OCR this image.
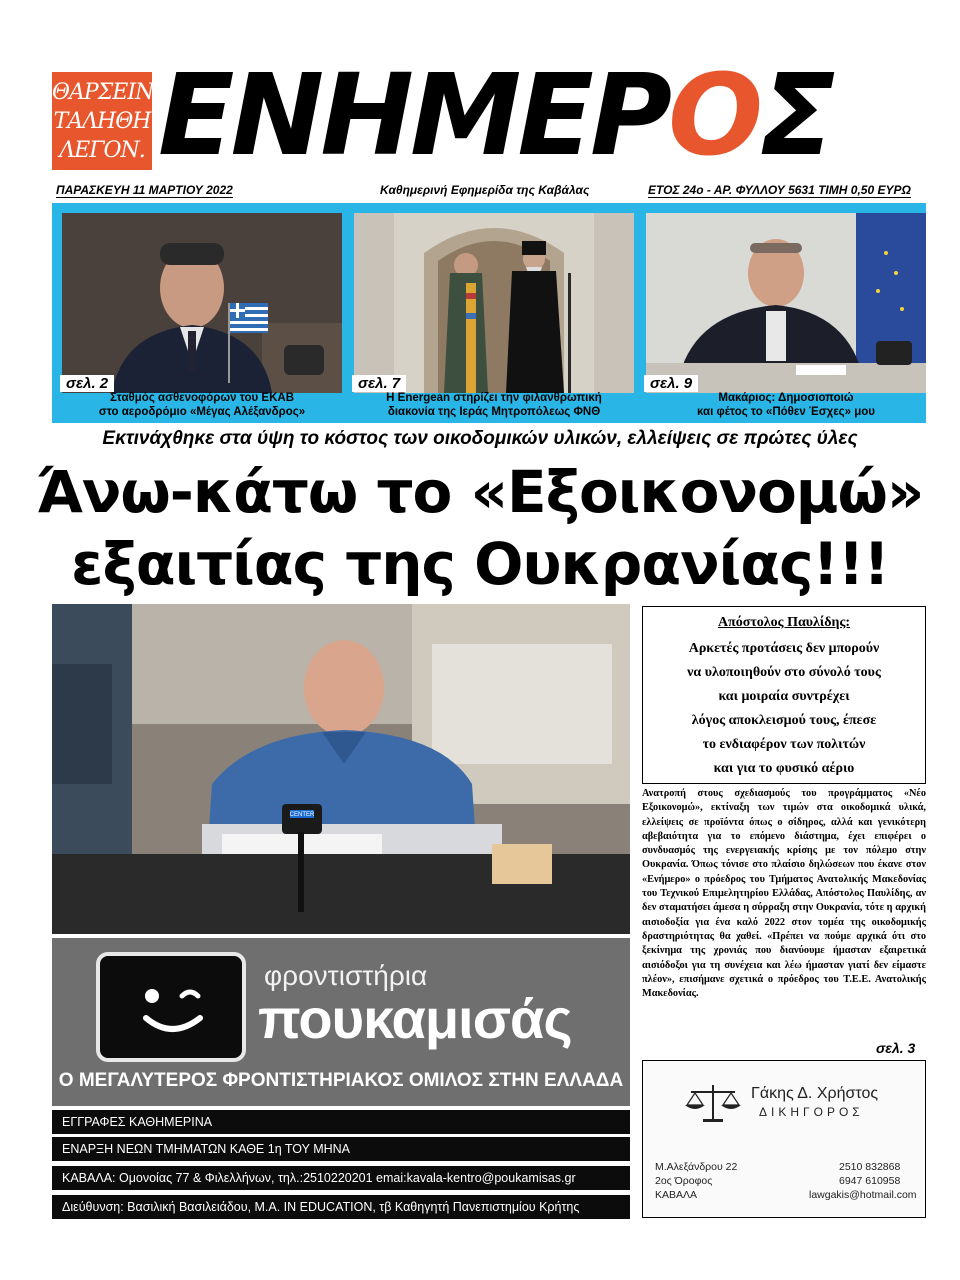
ΘΑΡΣΕΙΝ
ΤΑΛΗΘΗ
ΛΕΓΟΝ. ΕΝΗΜΕΡΟΣ
ΠΑΡΑΣΚΕΥΗ 11 ΜΑΡΤΙΟΥ 2022	Καθημερινή Εφημερίδα της Καβάλας	ΕΤΟΣ 24ο - ΑΡ. ΦΥΛΛΟΥ 5631 ΤΙΜΗ 0,50 ΕΥΡΩ
σελ. 2
Σταθμός ασθενοφόρων του ΕΚΑΒ
στο αεροδρόμιο «Μέγας Αλέξανδρος»
σελ. 7
Η Energean στηρίζει την φιλανθρωπική
διακονία της Ιεράς Μητροπόλεως ΦΝΘ
σελ. 9
Μακάριος: Δημοσιοποιώ
και φέτος το «Πόθεν Έσχες» μου
Εκτινάχθηκε στα ύψη το κόστος των οικοδομικών υλικών, ελλείψεις σε πρώτες ύλες
Άνω-κάτω το «Εξοικονομώ»
εξαιτίας της Ουκρανίας!!!
CENTER
Απόστολος Παυλίδης:
Αρκετές προτάσεις δεν μπορούν
να υλοποιηθούν στο σύνολό τους
και μοιραία συντρέχει
λόγος αποκλεισμού τους, έπεσε
το ενδιαφέρον των πολιτών
και για το φυσικό αέριο
Ανατροπή στους σχεδιασμούς του προγράμματος «Νέο Εξοικονομώ», εκτίναξη των τιμών στα οικοδομικά υλικά, ελλείψεις σε προϊόντα όπως ο σίδηρος, αλλά και γενικότερη αβεβαιότητα για το επόμενο διάστημα, έχει επιφέρει ο συνδυασμός της ενεργειακής κρίσης με τον πόλεμο στην Ουκρανία. Όπως τόνισε στο πλαίσιο δηλώσεων που έκανε στον «Ενήμερο» ο πρόεδρος του Τμήματος Ανατολικής Μακεδονίας του Τεχνικού Επιμελητηρίου Ελλάδας, Απόστολος Παυλίδης, αν δεν σταματήσει άμεσα η σύρραξη στην Ουκρανία, τότε η αρχική αισιοδοξία για ένα καλό 2022 στον τομέα της οικοδομικής δραστηριότητας θα χαθεί. «Πρέπει να πούμε αρχικά ότι στο ξεκίνημα της χρονιάς που διανύουμε ήμασταν εξαιρετικά αισιόδοξοι για τη συνέχεια και λέω ήμασταν γιατί δεν είμαστε πλέον», επισήμανε σχετικά ο πρόεδρος του Τ.Ε.Ε. Ανατολικής Μακεδονίας.
σελ. 3
φροντιστήρια
πουκαμισάς
Ο ΜΕΓΑΛΥΤΕΡΟΣ ΦΡΟΝΤΙΣΤΗΡΙΑΚΟΣ ΟΜΙΛΟΣ ΣΤΗΝ ΕΛΛΑΔΑ
ΕΓΓΡΑΦΕΣ ΚΑΘΗΜΕΡΙΝΑ
ΕΝΑΡΞΗ ΝΕΩΝ ΤΜΗΜΑΤΩΝ ΚΑΘΕ 1η ΤΟΥ ΜΗΝΑ
ΚΑΒΑΛΑ: Ομονοίας 77 & Φιλελλήνων, τηλ.:2510220201 emai:kavala-kentro@poukamisas.gr
Διεύθυνση: Βασιλική Βασιλειάδου, M.A. IN EDUCATION, τβ Καθηγητή Πανεπιστημίου Κρήτης
Γάκης Δ. Χρήστος
ΔΙΚΗΓΟΡΟΣ
Μ.Αλεξάνδρου 22
2ος Όροφος
ΚΑΒΑΛΑ
2510 832868
6947 610958
lawgakis@hotmail.com
